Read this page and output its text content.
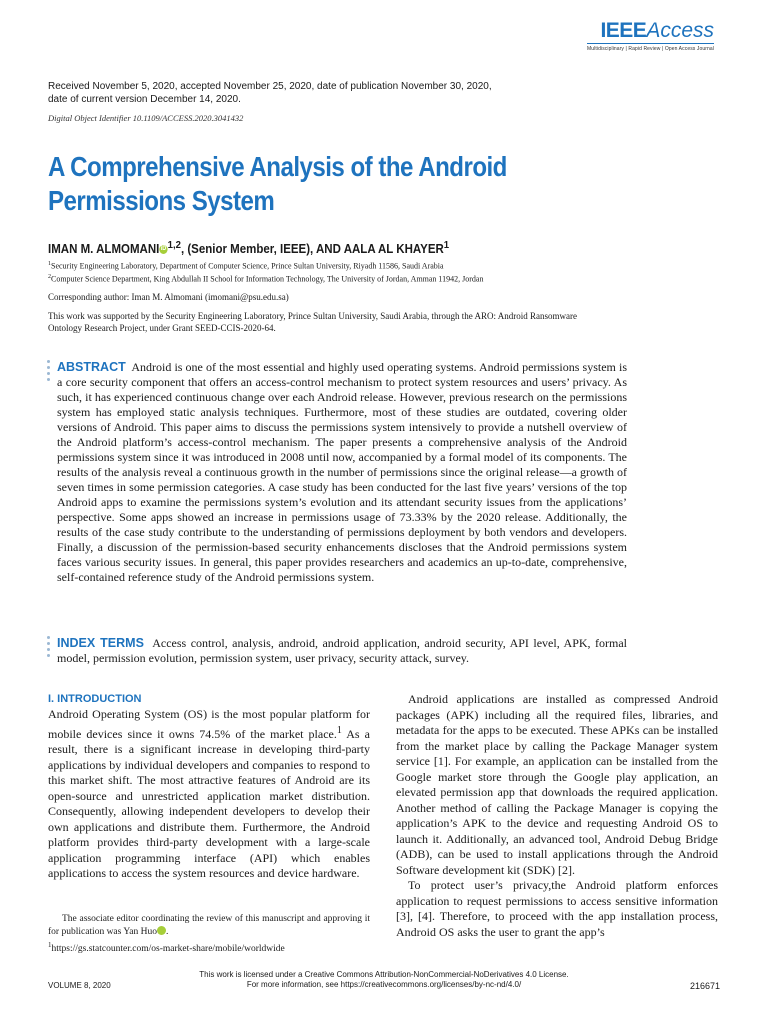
IEEEAccess
Multidisciplinary | Rapid Review | Open Access Journal
Received November 5, 2020, accepted November 25, 2020, date of publication November 30, 2020,
date of current version December 14, 2020.
Digital Object Identifier 10.1109/ACCESS.2020.3041432
A Comprehensive Analysis of the Android
Permissions System
IMAN M. ALMOMANIiD$^{1,2}$, (Senior Member, IEEE), AND AALA AL KHAYER$^1$
$^1$Security Engineering Laboratory, Department of Computer Science, Prince Sultan University, Riyadh 11586, Saudi Arabia
$^2$Computer Science Department, King Abdullah II School for Information Technology, The University of Jordan, Amman 11942, Jordan
Corresponding author: Iman M. Almomani (imomani@psu.edu.sa)
This work was supported by the Security Engineering Laboratory, Prince Sultan University, Saudi Arabia, through the ARO: Android Ransomware Ontology Research Project, under Grant SEED-CCIS-2020-64.
ABSTRACT Android is one of the most essential and highly used operating systems. Android permissions system is a core security component that offers an access-control mechanism to protect system resources and users’ privacy. As such, it has experienced continuous change over each Android release. However, previous research on the permissions system has employed static analysis techniques. Furthermore, most of these studies are outdated, covering older versions of Android. This paper aims to discuss the permissions system intensively to provide a nutshell overview of the Android platform’s access-control mechanism. The paper presents a comprehensive analysis of the Android permissions system since it was introduced in 2008 until now, accompanied by a formal model of its components. The results of the analysis reveal a continuous growth in the number of permissions since the original release—a growth of seven times in some permission categories. A case study has been conducted for the last five years’ versions of the top Android apps to examine the permissions system’s evolution and its attendant security issues from the applications’ perspective. Some apps showed an increase in permissions usage of 73.33% by the 2020 release. Additionally, the results of the case study contribute to the understanding of permissions deployment by both vendors and developers. Finally, a discussion of the permission-based security enhancements discloses that the Android permissions system faces various security issues. In general, this paper provides researchers and academics an up-to-date, comprehensive, self-contained reference study of the Android permissions system.
INDEX TERMS Access control, analysis, android, android application, android security, API level, APK, formal model, permission evolution, permission system, user privacy, security attack, survey.
I. INTRODUCTION

Android Operating System (OS) is the most popular platform for mobile devices since it owns 74.5% of the market place.$^1$ As a result, there is a significant increase in developing third-party applications by individual developers and companies to respond to this market shift. The most attractive features of Android are its open-source and unrestricted application market distribution. Consequently, allowing independent developers to develop their own applications and distribute them. Furthermore, the Android platform provides third-party development with a large-scale application programming interface (API) which enables applications to access the system resources and device hardware.

Android applications are installed as compressed Android packages (APK) including all the required files, libraries, and metadata for the apps to be executed. These APKs can be installed from the market place by calling the Package Manager system service [1]. For example, an application can be installed from the Google market store through the Google play application, an elevated permission app that downloads the required application. Another method of calling the Package Manager is copying the application’s APK to the device and requesting Android OS to launch it. Additionally, an advanced tool, Android Debug Bridge (ADB), can be used to install applications through the Android Software development kit (SDK) [2].

To protect user’s privacy,the Android platform enforces application to request permissions to access sensitive information [3], [4]. Therefore, to proceed with the app installation process, Android OS asks the user to grant the app’s

The associate editor coordinating the review of this manuscript and approving it for publication was Yan Huo iD.
$^1$https://gs.statcounter.com/os-market-share/mobile/worldwide
This work is licensed under a Creative Commons Attribution-NonCommercial-NoDerivatives 4.0 License.
For more information, see https://creativecommons.org/licenses/by-nc-nd/4.0/
VOLUME 8, 2020	216671
